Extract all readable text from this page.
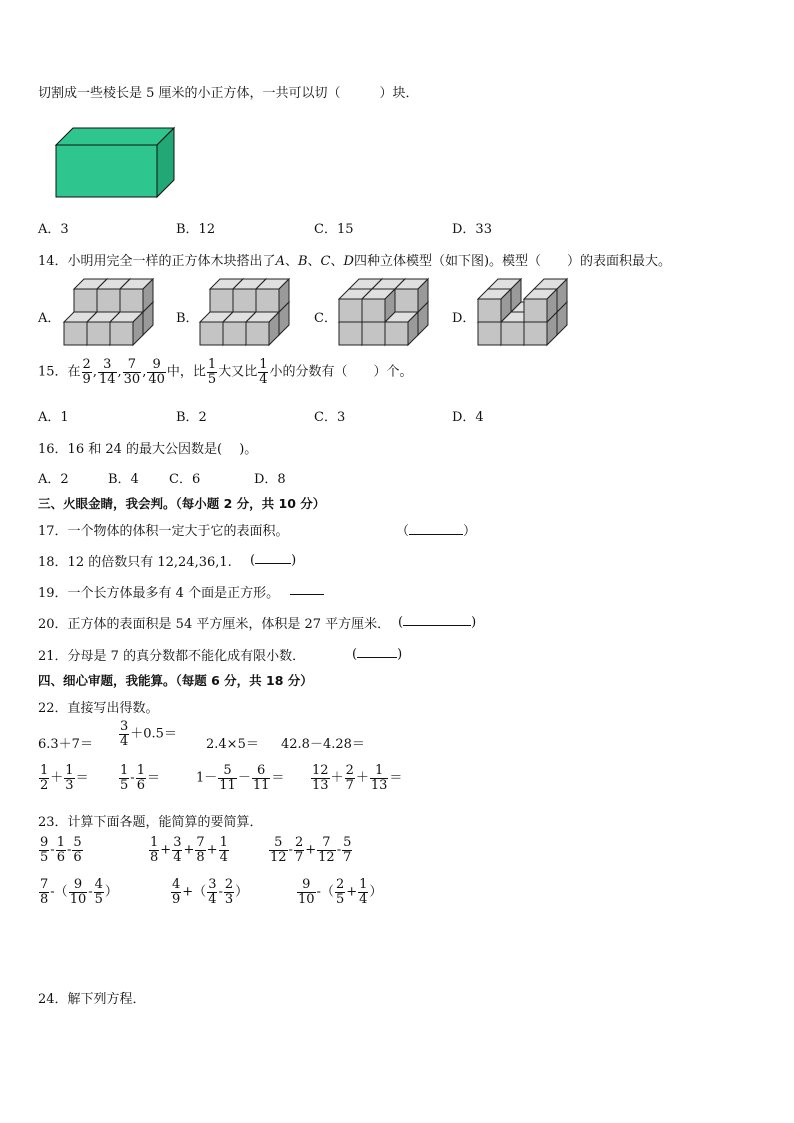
切割成一些棱长是 5 厘米的小正方体，一共可以切（　　　）块．
A．3	B．12	C．15	D．33
14．小明用完全一样的正方体木块搭出了A、B、C、D四种立体模型（如下图)。模型（　　）的表面积最大。
A．	B．	C．	D．
15．在 $\frac{2}{9}$ , $\frac{3}{14}$ , $\frac{7}{30}$ , $\frac{9}{40}$ 中，比 $\frac{1}{5}$ 大又比 $\frac{1}{4}$ 小的分数有（　　）个。
A．1	B．2	C．3	D．4
16．16 和 24 的最大公因数是(　 )。
A．2	B．4 C．6	D．8
三、火眼金睛，我会判。（每小题 2 分，共 10 分）
17．一个物体的体积一定大于它的表面积。	（	）
18．12 的倍数只有 12,24,36,1. (	)
19．一个长方体最多有 4 个面是正方形。
20．正方体的表面积是 54 平方厘米，体积是 27 平方厘米． (	)
21．分母是 7 的真分数都不能化成有限小数．	(	)
四、细心审题，我能算。（每题 6 分，共 18 分）
22．直接写出得数。
$6.3+7= \frac{3}{4} +0.5=$
2.4×5＝ 42.8－4.28＝
$\frac{1}{2} + \frac{1}{3} = \frac{1}{5} - \frac{1}{6}$ ＝	$1- \frac{5}{11} - \frac{6}{11} = \frac{12}{13} + \frac{2}{7} + \frac{1}{13}$ ＝
23．计算下面各题，能简算的要简算．
$\frac{9}{5} - \frac{1}{6} - \frac{5}{6}$	$\frac{1}{8} + \frac{3}{4} + \frac{7}{8} + \frac{1}{4}$	$\frac{5}{12} - \frac{2}{7} + \frac{7}{12} - \frac{5}{7}$
$\frac{7}{8}$ -（ $\frac{9}{10} - \frac{4}{5}$ ）	$\frac{4}{9}$ +（ $\frac{3}{4} - \frac{2}{3}$ ）	$\frac{9}{10}$ -（ $\frac{2}{5} + \frac{1}{4}$ ）
24．解下列方程．
